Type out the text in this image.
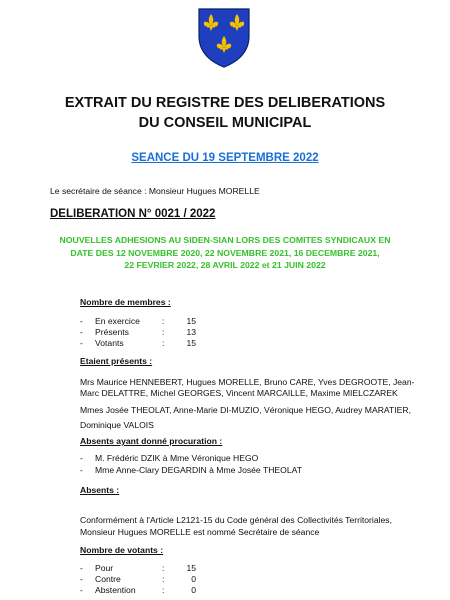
EXTRAIT DU REGISTRE DES DELIBERATIONS
DU CONSEIL MUNICIPAL
SEANCE DU 19 SEPTEMBRE 2022
Le secrétaire de séance : Monsieur Hugues MORELLE
DELIBERATION N° 0021 / 2022
NOUVELLES ADHESIONS AU SIDEN-SIAN LORS DES COMITES SYNDICAUX EN
DATE DES 12 NOVEMBRE 2020, 22 NOVEMBRE 2021, 16 DECEMBRE 2021,
22 FEVRIER 2022, 28 AVRIL 2022 et 21 JUIN 2022
Nombre de membres :
- En exercice	:	15
- Présents	:	13
- Votants	:	15
Etaient présents :
Mrs Maurice HENNEBERT, Hugues MORELLE, Bruno CARE, Yves DEGROOTE, Jean-
Marc DELATTRE, Michel GEORGES, Vincent MARCAILLE, Maxime MIELCZAREK
Mmes Josée THEOLAT, Anne-Marie DI-MUZIO, Véronique HEGO, Audrey MARATIER,
Dominique VALOIS
Absents ayant donné procuration :
- M. Frédéric DZIK à Mme Véronique HEGO
- Mme Anne-Clary DEGARDIN à Mme Josée THEOLAT
Absents :
Conformément à l'Article L2121-15 du Code général des Collectivités Territoriales,
Monsieur Hugues MORELLE est nommé Secrétaire de séance
Nombre de votants :
- Pour	:	15
- Contre	:	0
- Abstention	:	0
